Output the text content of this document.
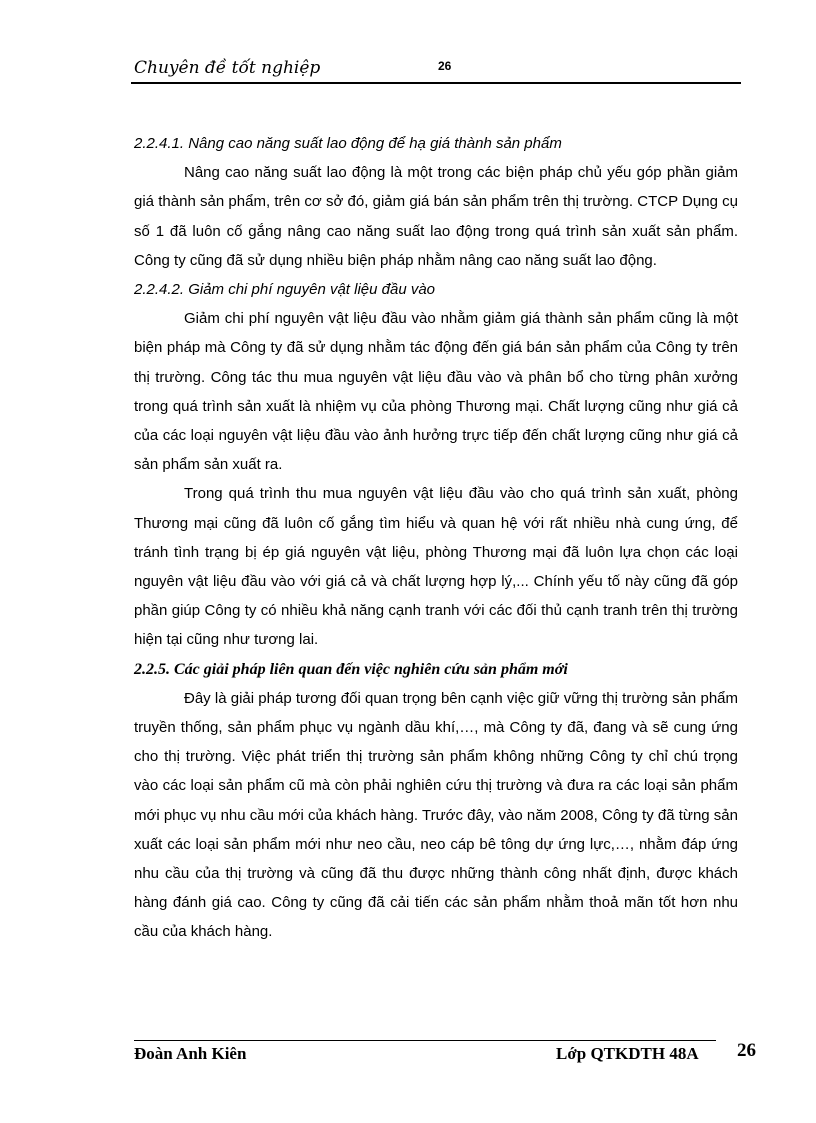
Chuyên đề tốt nghiệp	26
2.2.4.1. Nâng cao năng suất lao động để hạ giá thành sản phẩm

Nâng cao năng suất lao động là một trong các biện pháp chủ yếu góp phần giảm giá thành sản phẩm, trên cơ sở đó, giảm giá bán sản phẩm trên thị trường. CTCP Dụng cụ số 1 đã luôn cố gắng nâng cao năng suất lao động trong quá trình sản xuất sản phẩm. Công ty cũng đã sử dụng nhiều biện pháp nhằm nâng cao năng suất lao động.

2.2.4.2. Giảm chi phí nguyên vật liệu đầu vào

Giảm chi phí nguyên vật liệu đầu vào nhằm giảm giá thành sản phẩm cũng là một biện pháp mà Công ty đã sử dụng nhằm tác động đến giá bán sản phẩm của Công ty trên thị trường. Công tác thu mua nguyên vật liệu đầu vào và phân bổ cho từng phân xưởng trong quá trình sản xuất là nhiệm vụ của phòng Thương mại. Chất lượng cũng như giá cả của các loại nguyên vật liệu đầu vào ảnh hưởng trực tiếp đến chất lượng cũng như giá cả sản phẩm sản xuất ra.

Trong quá trình thu mua nguyên vật liệu đầu vào cho quá trình sản xuất, phòng Thương mại cũng đã luôn cố gắng tìm hiểu và quan hệ với rất nhiều nhà cung ứng, để tránh tình trạng bị ép giá nguyên vật liệu, phòng Thương mại đã luôn lựa chọn các loại nguyên vật liệu đầu vào với giá cả và chất lượng hợp lý,... Chính yếu tố này cũng đã góp phần giúp Công ty có nhiều khả năng cạnh tranh với các đối thủ cạnh tranh trên thị trường hiện tại cũng như tương lai.

2.2.5. Các giải pháp liên quan đến việc nghiên cứu sản phẩm mới

Đây là giải pháp tương đối quan trọng bên cạnh việc giữ vững thị trường sản phẩm truyền thống, sản phẩm phục vụ ngành dầu khí,…, mà Công ty đã, đang và sẽ cung ứng cho thị trường. Việc phát triển thị trường sản phẩm không những Công ty chỉ chú trọng vào các loại sản phẩm cũ mà còn phải nghiên cứu thị trường và đưa ra các loại sản phẩm mới phục vụ nhu cầu mới của khách hàng. Trước đây, vào năm 2008, Công ty đã từng sản xuất các loại sản phẩm mới như neo cầu, neo cáp bê tông dự ứng lực,…, nhằm đáp ứng nhu cầu của thị trường và cũng đã thu được những thành công nhất định, được khách hàng đánh giá cao. Công ty cũng đã cải tiến các sản phẩm nhằm thoả mãn tốt hơn nhu cầu của khách hàng.

Đoàn Anh Kiên	Lớp QTKDTH 48A 26
